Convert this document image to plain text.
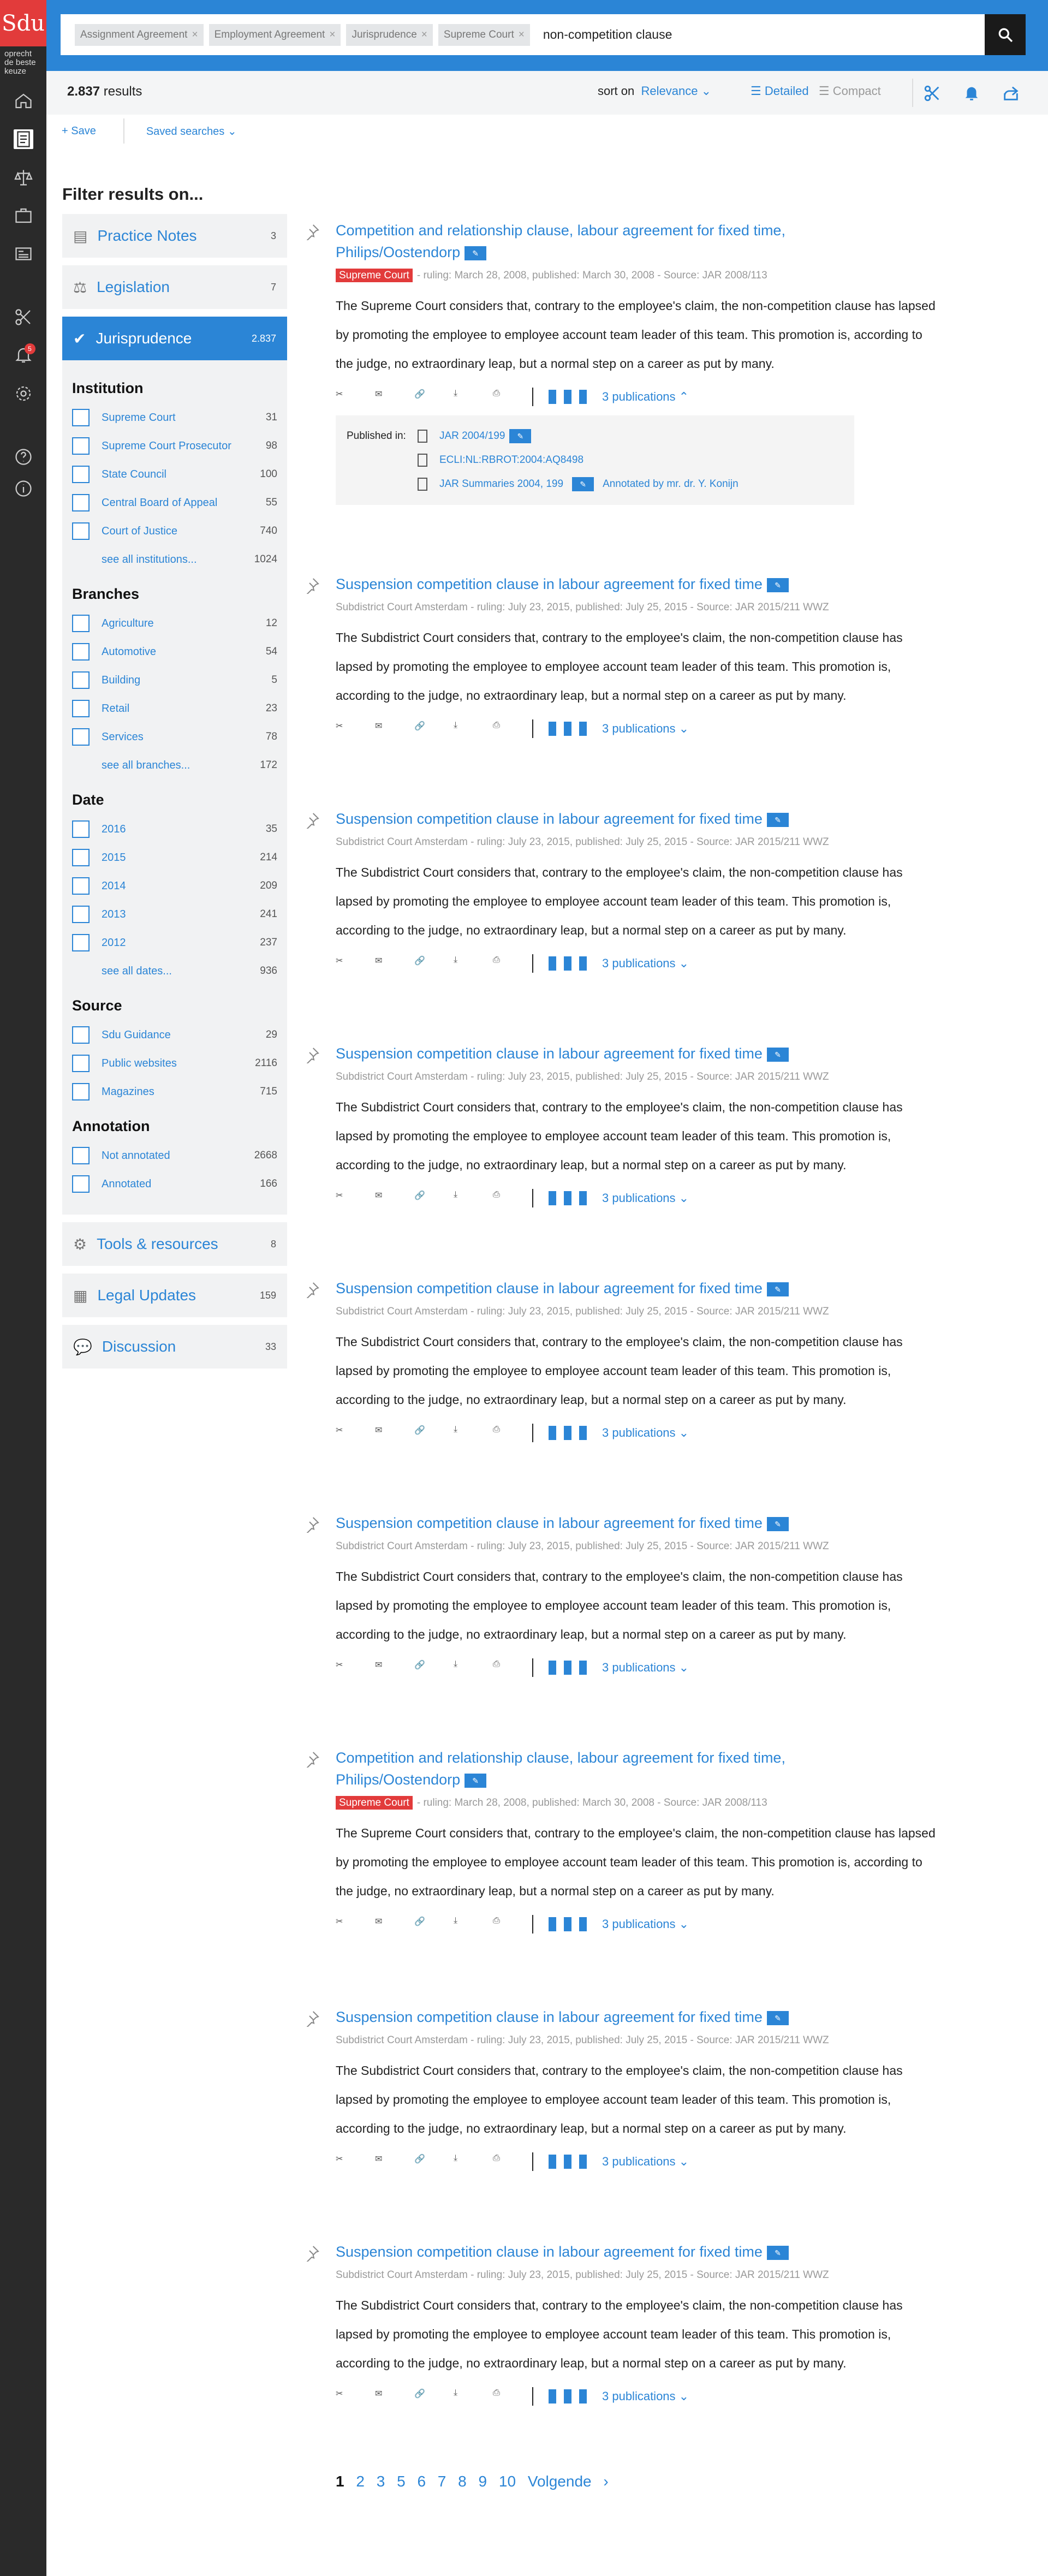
Sdu
oprecht
de beste
keuze
5
Assignment Agreement ×	Employment Agreement ×	Jurisprudence ×	Supreme Court ×	non-competition clause
2.837 results	sort on Relevance ⌄	☰ Detailed ☰ Compact
+ Save	Saved searches ⌄
Filter results on...
▤ Practice Notes	3
⚖ Legislation	7
✔ Jurisprudence	2.837
Institution
Supreme Court	31
Supreme Court Prosecutor	98
State Council	100
Central Board of Appeal	55
Court of Justice	740
see all institutions...	1024
Branches
Agriculture	12
Automotive	54
Building	5
Retail	23
Services	78
see all branches...	172
Date
2016	35
2015	214
2014	209
2013	241
2012	237
see all dates...	936
Source
Sdu Guidance	29
Public websites	2116
Magazines	715
Annotation
Not annotated	2668
Annotated	166
⚙ Tools & resources	8
▦ Legal Updates	159
💬 Discussion	33
Competition and relationship clause, labour agreement for fixed time,
Philips/Oostendorp ✎
Supreme Court - ruling: March 28, 2008, published: March 30, 2008 - Source: JAR 2008/113
The Supreme Court considers that, contrary to the employee's claim, the non-competition clause has lapsed by promoting the employee to employee account team leader of this team. This promotion is, according to the judge, no extraordinary leap, but a normal step on a career as put by many.
✂	✉	🔗	⤓	⎙	3 publications ⌃
Published in:	JAR 2004/199	✎
ECLI:NL:RBROT:2004:AQ8498
JAR Summaries 2004, 199	✎	Annotated by mr. dr. Y. Konijn
Suspension competition clause in labour agreement for fixed time ✎
Subdistrict Court Amsterdam - ruling: July 23, 2015, published: July 25, 2015 - Source: JAR 2015/211 WWZ
The Subdistrict Court considers that, contrary to the employee's claim, the non-competition clause has lapsed by promoting the employee to employee account team leader of this team. This promotion is, according to the judge, no extraordinary leap, but a normal step on a career as put by many.
✂	✉	🔗	⤓	⎙	3 publications ⌄
Suspension competition clause in labour agreement for fixed time ✎
Subdistrict Court Amsterdam - ruling: July 23, 2015, published: July 25, 2015 - Source: JAR 2015/211 WWZ
The Subdistrict Court considers that, contrary to the employee's claim, the non-competition clause has lapsed by promoting the employee to employee account team leader of this team. This promotion is, according to the judge, no extraordinary leap, but a normal step on a career as put by many.
✂	✉	🔗	⤓	⎙	3 publications ⌄
Suspension competition clause in labour agreement for fixed time ✎
Subdistrict Court Amsterdam - ruling: July 23, 2015, published: July 25, 2015 - Source: JAR 2015/211 WWZ
The Subdistrict Court considers that, contrary to the employee's claim, the non-competition clause has lapsed by promoting the employee to employee account team leader of this team. This promotion is, according to the judge, no extraordinary leap, but a normal step on a career as put by many.
✂	✉	🔗	⤓	⎙	3 publications ⌄
Suspension competition clause in labour agreement for fixed time ✎
Subdistrict Court Amsterdam - ruling: July 23, 2015, published: July 25, 2015 - Source: JAR 2015/211 WWZ
The Subdistrict Court considers that, contrary to the employee's claim, the non-competition clause has lapsed by promoting the employee to employee account team leader of this team. This promotion is, according to the judge, no extraordinary leap, but a normal step on a career as put by many.
✂	✉	🔗	⤓	⎙	3 publications ⌄
Suspension competition clause in labour agreement for fixed time ✎
Subdistrict Court Amsterdam - ruling: July 23, 2015, published: July 25, 2015 - Source: JAR 2015/211 WWZ
The Subdistrict Court considers that, contrary to the employee's claim, the non-competition clause has lapsed by promoting the employee to employee account team leader of this team. This promotion is, according to the judge, no extraordinary leap, but a normal step on a career as put by many.
✂	✉	🔗	⤓	⎙	3 publications ⌄
Competition and relationship clause, labour agreement for fixed time,
Philips/Oostendorp ✎
Supreme Court - ruling: March 28, 2008, published: March 30, 2008 - Source: JAR 2008/113
The Supreme Court considers that, contrary to the employee's claim, the non-competition clause has lapsed by promoting the employee to employee account team leader of this team. This promotion is, according to the judge, no extraordinary leap, but a normal step on a career as put by many.
✂	✉	🔗	⤓	⎙	3 publications ⌄
Suspension competition clause in labour agreement for fixed time ✎
Subdistrict Court Amsterdam - ruling: July 23, 2015, published: July 25, 2015 - Source: JAR 2015/211 WWZ
The Subdistrict Court considers that, contrary to the employee's claim, the non-competition clause has lapsed by promoting the employee to employee account team leader of this team. This promotion is, according to the judge, no extraordinary leap, but a normal step on a career as put by many.
✂	✉	🔗	⤓	⎙	3 publications ⌄
Suspension competition clause in labour agreement for fixed time ✎
Subdistrict Court Amsterdam - ruling: July 23, 2015, published: July 25, 2015 - Source: JAR 2015/211 WWZ
The Subdistrict Court considers that, contrary to the employee's claim, the non-competition clause has lapsed by promoting the employee to employee account team leader of this team. This promotion is, according to the judge, no extraordinary leap, but a normal step on a career as put by many.
✂	✉	🔗	⤓	⎙	3 publications ⌄
1 2 3 5 6 7 8 9 10 Volgende ›
